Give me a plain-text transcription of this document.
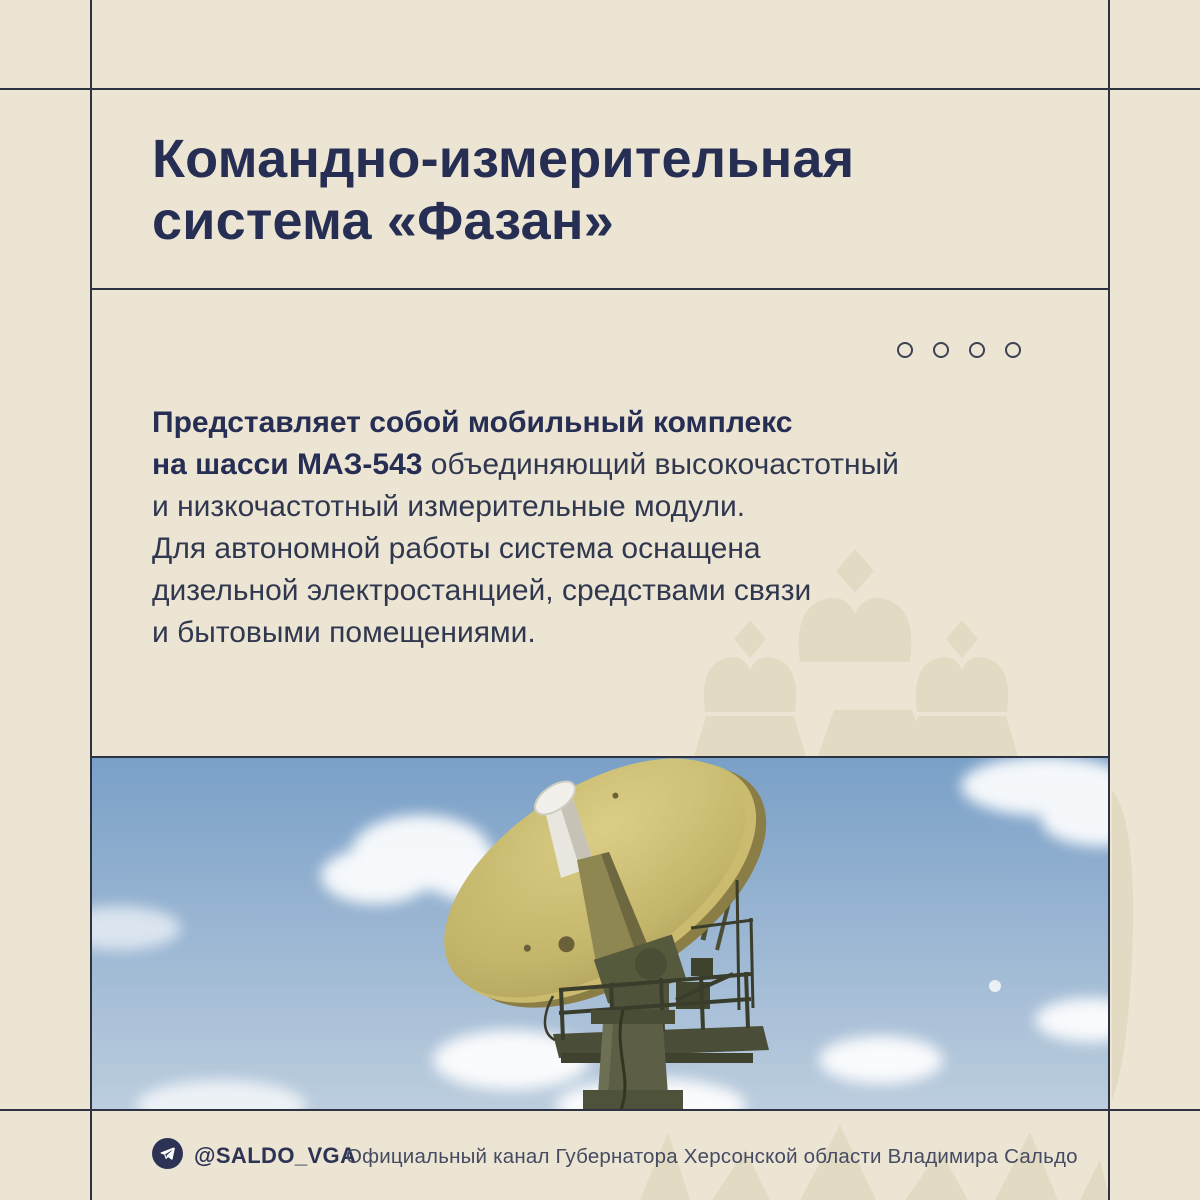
Командно-измерительная
система «Фазан»
Представляет собой мобильный комплекс
на шасси МАЗ-543 объединяющий высокочастотный
и низкочастотный измерительные модули.
Для автономной работы система оснащена
дизельной электростанцией, средствами связи
и бытовыми помещениями.
@SALDO_VGA
Официальный канал Губернатора Херсонской области Владимира Сальдо
